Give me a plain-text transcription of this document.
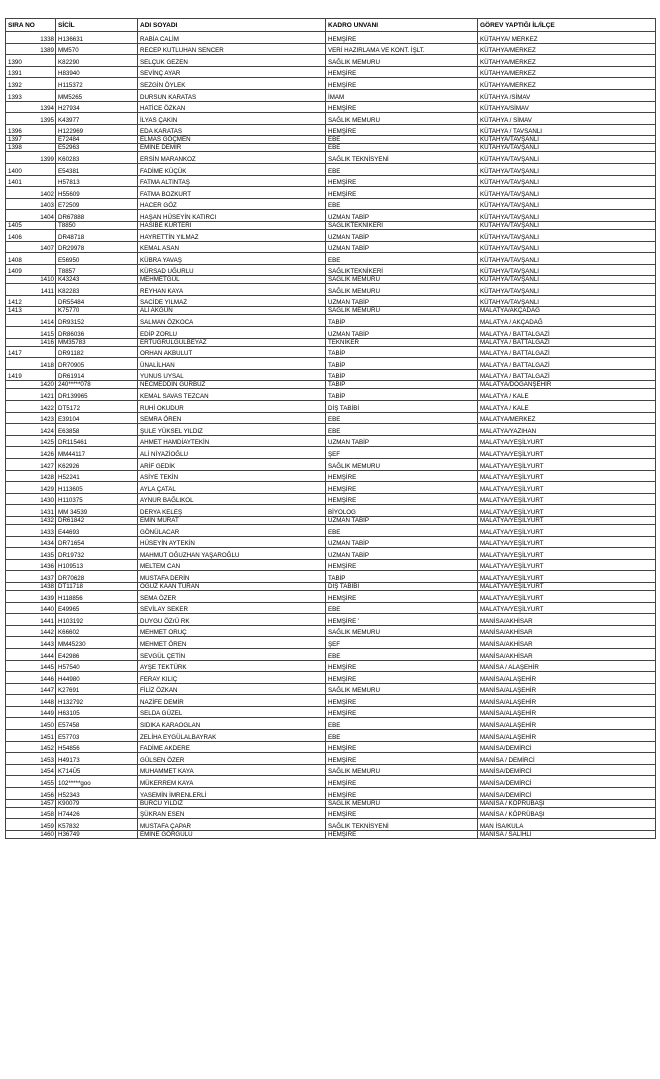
SIRA NO	SİCİL	ADI SOYADI	KADRO UNVANI	GÖREV YAPTIĞI İL/İLÇE
1338	H136631	RABİA CALİM	HEMŞİRE	KÜTAHYA/ MERKEZ
1389	MM570	RECEP KUTLUHAN SENCER	VERİ HAZIRLAMA VE KONT. İŞLT.	KÜTAHYA/MERKEZ
1390	K82290	SELÇUK GEZEN	SAĞLIK MEMURU	KÜTAHYA/MERKEZ
1391	H83940	SEVİNÇ AYAR	HEMŞİRE	KÜTAHYA/MERKEZ
1392	H115372	SEZGİN ÖYLEK	HEMŞİRE	KÜTAHYA/MERKEZ
1393	MM5265	DURSUN KARATAS	İMAM	KÜTAHYA /SİMAV
1394	H27934	HATİCE ÖZKAN	HEMŞİRE	KÜTAHYA/SİMAV
1395	K43977	İLYAS ÇAKIN	SAĞLIK MEMURU	KÜTAHYA / SİMAV
1396	H122969	EDA KARATAS	HEMŞİRE	KÜTAHYA / TAVSANLI
1397	E72484	ELMAS GÖÇMEN	EBE	KÜTAHYA/TAVŞANLI
1398	E52963	EMİNE DEMİR	EBE	KÜTAHYA/TAVŞANLI
1399	K60283	ERSİN MARANKOZ	SAĞLIK TEKNİSYENİ	KÜTAHYA/TAVŞANLI
1400	E54381	FADİME KÜÇÜK	EBE	KÜTAHYA/TAVŞANLI
1401	H57813	FATMA ALTINTAŞ	HEMŞİRE	KÜTAHYA/TAVŞANLI
1402	H55609	FATMA BOZKURT	HEMŞİRE	KÜTAHYA/TAVŞANLI
1403	E72509	HACER GÖZ	EBE	KÜTAHYA/TAVŞANLI
1404	DR67888	HAŞAN HÜSEYİN KATIRCI	UZMAN TABİP	KÜTAHYA/TAVŞANLI
1405	T8850	HASİBE KURTERİ	SAĞLIKTEKNİKERİ	KÜTAHYA/TAVŞANLI
1406	DR48718	HAYRETTİN YILMAZ	UZMAN TABİP	KÜTAHYA/TAVŞANLI
1407	DR29978	KEMAL ASAN	UZMAN TABİP	KÜTAHYA/TAVŞANLI
1408	E56950	KÜBRA YAVAŞ	EBE	KÜTAHYA/TAVŞANLI
1409	T8857	KÜRSAD UĞURLU	SAĞLIKTEKNİKERİ	KÜTAHYA/TAVŞANLI
1410	K43243	MEHMETGÜL	SAĞLIK MEMURU	KÜTAHYA/TAVŞANLI
1411	K82283	REYHAN KAYA	SAĞLIK MEMURU	KÜTAHYA/TAVŞANLI
1412	DR55484	SACİDE YILMAZ	UZMAN TABİP	KÜTAHYA/TAVŞANLI
1413	K75770	ALİ AKGÜN	SAĞLIK MEMURU	MALATYA/AKÇADAĞ
1414	DR93152	SALMAN ÖZKOCA	TABİP	MALATYA / AKÇADAĞ
1415	DR86036	EDİP ZORLU	UZMAN TABİP	MALATYA / BATTALGAZİ
1416	MM35783	ERTUGRULGÜLBEYAZ	TEKNİKER	MALATYA / BATTALGAZİ
1417	DR91182	ORHAN AKBULUT	TABİP	MALATYA / BATTALGAZİ
1418	DR70905	ÜNALİLHAN	TABİP	MALATYA / BATTALGAZİ
1419	DR61914	YUNUS UYSAL	TABİP	MALATYA / BATTALGAZİ
1420	240*****078	NECMEDDİN GÜRBÜZ	TABİP	MALATYA/DOĞANŞEHİR
1421	DR139965	KEMAL SAVAS TEZCAN	TABİP	MALATYA / KALE
1422	DT5172	RUHİ OKUDUR	DİŞ TABİBİ	MALATYA / KALE
1423	E39104	SEMRA ÖREN	EBE	MALATYA/MERKEZ
1424	E63858	ŞULE YÜKSEL YILDIZ	EBE	MALATYA/YAZIHAN
1425	DR115461	AHMET HAMDİAYTEKİN	UZMAN TABİP	MALATYA/YEŞİLYURT
1426	MM44117	ALİ NİYAZİOĞLU	ŞEF	MALATYA/YEŞİLYURT
1427	K62926	ARİF GEDİK	SAĞLIK MEMURU	MALATYA/YEŞİLYURT
1428	H52241	ASİYE TEKİN	HEMŞİRE	MALATYA/YEŞİLYURT
1429	H113605	AYLA ÇATAL	HEMŞİRE	MALATYA/YEŞİLYURT
1430	H110375	AYNUR BAĞLIKOL	HEMŞİRE	MALATYA/YEŞİLYURT
1431	MM 34539	DERYA KELEŞ	BİYOLOG	MALATYA/YEŞİLYURT
1432	DR61842	EMİN MURAT	UZMAN TABİP	MALATYA/YEŞİLYURT
1433	E44693	GÖNÜLACAR	EBE	MALATYA/YEŞİLYURT
1434	DR71654	HÜSEYİN AYTEKİN	UZMAN TABİP	MALATYA/YEŞİLYURT
1435	DR19732	MAHMUT OĞUZHAN YAŞAROĞLU	UZMAN TABİP	MALATYA/YEŞİLYURT
1436	H109513	MELTEM CAN	HEMŞİRE	MALATYA/YEŞİLYURT
1437	DR70628	MUSTAFA DERİN	TABİP	MALATYA/YEŞİLYURT
1438	DT11718	OĞUZ KAAN TURAN	DİŞ TABİBİ	MALATYA/YEŞİLYURT
1439	H118856	SEMA ÖZER	HEMŞİRE	MALATYA/YEŞİLYURT
1440	E49965	SEVİLAY SEKER	EBE	MALATYA/YEŞİLYURT
1441	H103192	DUYGU ÖZrÜ RK	HEMŞİRE '	MANİSA/AKHİSAR
1442	K66602	MEHMET ORUÇ	SAĞLIK MEMURU	MANİSA/AKHİSAR
1443	MM45230	MEHMET ÖREN	ŞEF	MANİSA/AKHİSAR
1444	E42986	SEVGÜL ÇETİN	EBE	MANİSA/AKHİSAR
1445	H57540	AYŞE TEKTÜRK	HEMŞİRE	MANİSA / ALAŞEHİR
1446	H44980	FERAY KILIÇ	HEMŞİRE	MANİSA/ALAŞEHİR
1447	K27691	FİLİZ ÖZKAN	SAĞLIK MEMURU	MANİSA/ALAŞEHİR
1448	H132792	NAZİFE DEMİR	HEMŞİRE	MANİSA/ALAŞEHİR
1449	H63105	SELDA GÜZEL	HEMŞİRE	MANİSA/ALAŞEHİR
1450	E57458	SIDIKA KARAOGLAN	EBE	MANİSA/ALAŞEHİR
1451	E57703	ZELİHA EYGÜLALBAYRAK	EBE	MANİSA/ALAŞEHİR
1452	H54856	FADİME AKDERE	HEMŞİRE	MANİSA/DEMİRCİ
1453	H49173	GÜLSEN ÖZER	HEMŞİRE	MANİSA / DEMİRCİ
1454	K714Û5	MUHAMMET KAYA	SAĞLIK MEMURU	MANİSA/DEMİRCİ
1455	102*****goo	MÜKERREM KAYA	HEMŞİRE	MANİSA/DEMİRCİ
1456	H52343	YASEMİN İMRENLERLİ	HEMŞİRE	MANİSA/DEMİRCİ
1457	K90079	BURCU YILDIZ	SAĞLIK MEMURU	MANİSA / KÖPRÜBAŞI
1458	H74426	ŞÜKRAN ESEN	HEMŞİRE	MANİSA / KÖPRÜBAŞI
1459	K57832	MUSTAFA ÇAPAR	SAĞLIK TEKNİSYENİ	MAN İSA/KULA
1460	H36749	EMİNE GÖRGÜLÜ	HEMŞİRE	MANİSA / SALİHLİ
